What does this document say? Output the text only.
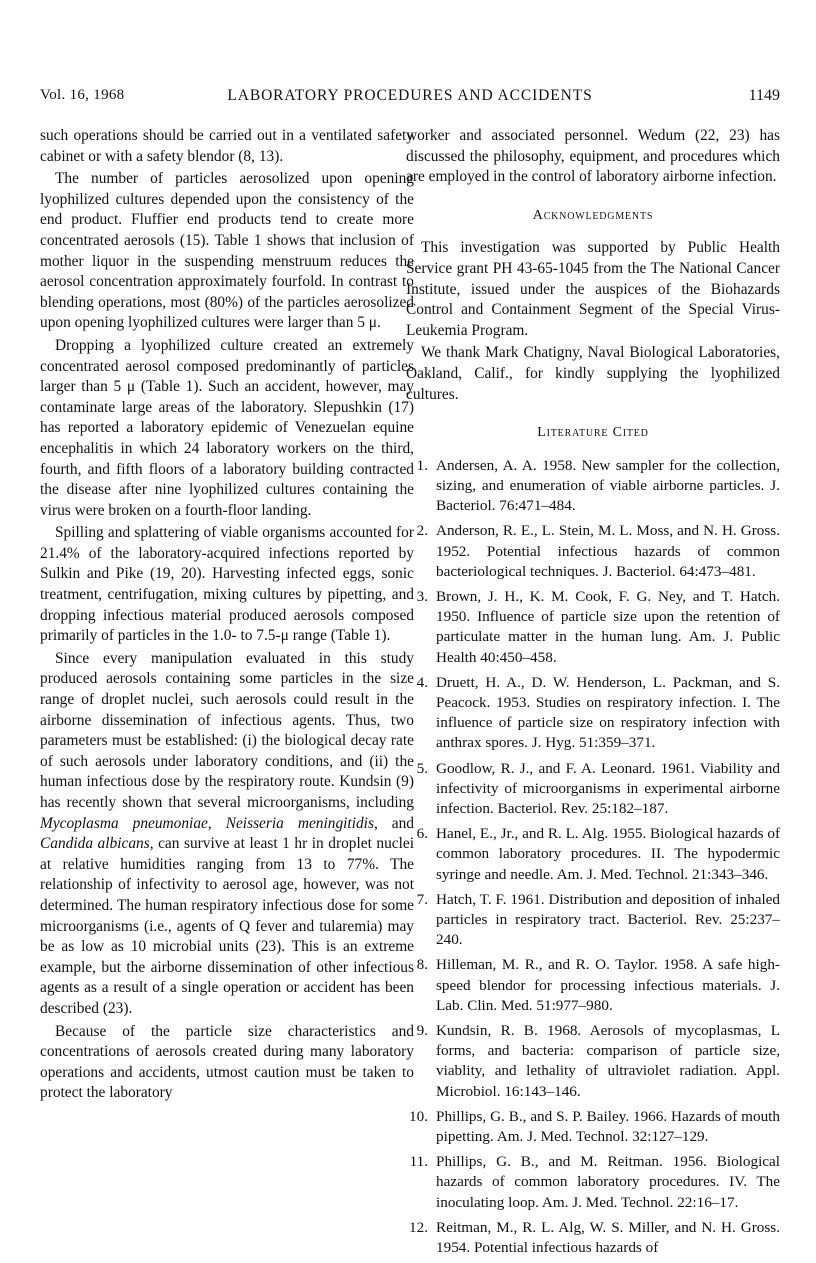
LABORATORY PROCEDURES AND ACCIDENTS
Vol. 16, 1968	1149

such operations should be carried out in a ventilated safety cabinet or with a safety blendor (8, 13).

The number of particles aerosolized upon opening lyophilized cultures depended upon the consistency of the end product. Fluffier end products tend to create more concentrated aerosols (15). Table 1 shows that inclusion of mother liquor in the suspending menstruum reduces the aerosol concentration approximately fourfold. In contrast to blending operations, most (80%) of the particles aerosolized upon opening lyophilized cultures were larger than 5 μ.

Dropping a lyophilized culture created an extremely concentrated aerosol composed predominantly of particles larger than 5 μ (Table 1). Such an accident, however, may contaminate large areas of the laboratory. Slepushkin (17) has reported a laboratory epidemic of Venezuelan equine encephalitis in which 24 laboratory workers on the third, fourth, and fifth floors of a laboratory building contracted the disease after nine lyophilized cultures containing the virus were broken on a fourth-floor landing.

Spilling and splattering of viable organisms accounted for 21.4% of the laboratory-acquired infections reported by Sulkin and Pike (19, 20). Harvesting infected eggs, sonic treatment, centrifugation, mixing cultures by pipetting, and dropping infectious material produced aerosols composed primarily of particles in the 1.0- to 7.5-μ range (Table 1).

Since every manipulation evaluated in this study produced aerosols containing some particles in the size range of droplet nuclei, such aerosols could result in the airborne dissemination of infectious agents. Thus, two parameters must be established: (i) the biological decay rate of such aerosols under laboratory conditions, and (ii) the human infectious dose by the respiratory route. Kundsin (9) has recently shown that several microorganisms, including Mycoplasma pneumoniae, Neisseria meningitidis, and Candida albicans, can survive at least 1 hr in droplet nuclei at relative humidities ranging from 13 to 77%. The relationship of infectivity to aerosol age, however, was not determined. The human respiratory infectious dose for some microorganisms (i.e., agents of Q fever and tularemia) may be as low as 10 microbial units (23). This is an extreme example, but the airborne dissemination of other infectious agents as a result of a single operation or accident has been described (23).

Because of the particle size characteristics and concentrations of aerosols created during many laboratory operations and accidents, utmost caution must be taken to protect the laboratory

worker and associated personnel. Wedum (22, 23) has discussed the philosophy, equipment, and procedures which are employed in the control of laboratory airborne infection.

Acknowledgments

This investigation was supported by Public Health Service grant PH 43-65-1045 from the The National Cancer Institute, issued under the auspices of the Biohazards Control and Containment Segment of the Special Virus-Leukemia Program.

We thank Mark Chatigny, Naval Biological Laboratories, Oakland, Calif., for kindly supplying the lyophilized cultures.

Literature Cited
1. Andersen, A. A. 1958. New sampler for the collection, sizing, and enumeration of viable airborne particles. J. Bacteriol. 76:471–484.
2. Anderson, R. E., L. Stein, M. L. Moss, and N. H. Gross. 1952. Potential infectious hazards of common bacteriological techniques. J. Bacteriol. 64:473–481.
3. Brown, J. H., K. M. Cook, F. G. Ney, and T. Hatch. 1950. Influence of particle size upon the retention of particulate matter in the human lung. Am. J. Public Health 40:450–458.
4. Druett, H. A., D. W. Henderson, L. Packman, and S. Peacock. 1953. Studies on respiratory infection. I. The influence of particle size on respiratory infection with anthrax spores. J. Hyg. 51:359–371.
5. Goodlow, R. J., and F. A. Leonard. 1961. Viability and infectivity of microorganisms in experimental airborne infection. Bacteriol. Rev. 25:182–187.
6. Hanel, E., Jr., and R. L. Alg. 1955. Biological hazards of common laboratory procedures. II. The hypodermic syringe and needle. Am. J. Med. Technol. 21:343–346.
7. Hatch, T. F. 1961. Distribution and deposition of inhaled particles in respiratory tract. Bacteriol. Rev. 25:237–240.
8. Hilleman, M. R., and R. O. Taylor. 1958. A safe high-speed blendor for processing infectious materials. J. Lab. Clin. Med. 51:977–980.
9. Kundsin, R. B. 1968. Aerosols of mycoplasmas, L forms, and bacteria: comparison of particle size, viablity, and lethality of ultraviolet radiation. Appl. Microbiol. 16:143–146.
10. Phillips, G. B., and S. P. Bailey. 1966. Hazards of mouth pipetting. Am. J. Med. Technol. 32:127–129.
11. Phillips, G. B., and M. Reitman. 1956. Biological hazards of common laboratory procedures. IV. The inoculating loop. Am. J. Med. Technol. 22:16–17.
12. Reitman, M., R. L. Alg, W. S. Miller, and N. H. Gross. 1954. Potential infectious hazards of
